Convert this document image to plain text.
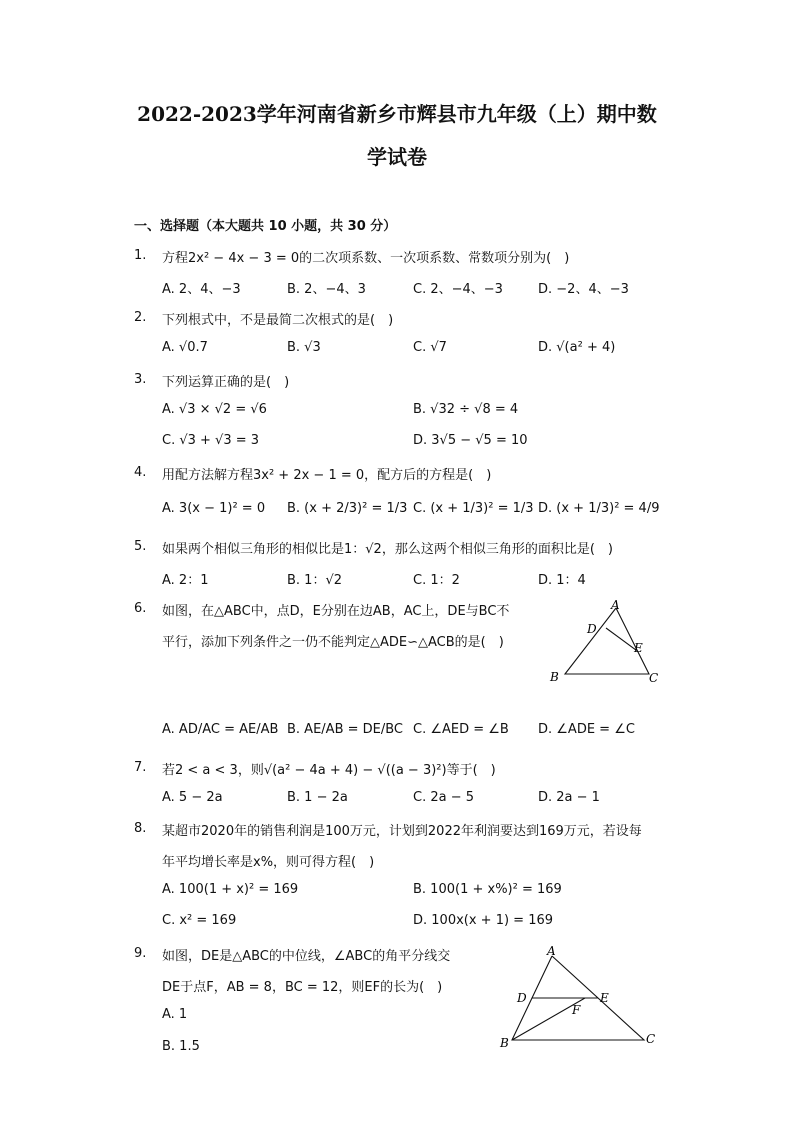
2022-2023学年河南省新乡市辉县市九年级（上）期中数
学试卷
一、选择题（本大题共 10 小题，共 30 分）
1. 方程2x² − 4x − 3 = 0的二次项系数、一次项系数、常数项分别为(　)
A. 2、4、−3	B. 2、−4、3	C. 2、−4、−3	D. −2、4、−3
2. 下列根式中，不是最简二次根式的是(　)
A. √0.7	B. √3	C. √7	D. √(a² + 4)
3. 下列运算正确的是(　)
A. √3 × √2 = √6	B. √32 ÷ √8 = 4
C. √3 + √3 = 3	D. 3√5 − √5 = 10
4. 用配方法解方程3x² + 2x − 1 = 0，配方后的方程是(　)
A. 3(x − 1)² = 0 B. (x + 2/3)² = 1/3 C. (x + 1/3)² = 1/3 D. (x + 1/3)² = 4/9
5. 如果两个相似三角形的相似比是1：√2，那么这两个相似三角形的面积比是(　)
A. 2：1	B. 1：√2	C. 1：2	D. 1：4
6. 如图，在△ABC中，点D，E分别在边AB，AC上，DE与BC不
平行，添加下列条件之一仍不能判定△ADE∽△ACB的是(　)
A
D
E
B	C
A. AD/AC = AE/AB B. AE/AB = DE/BC C. ∠AED = ∠B D. ∠ADE = ∠C
7. 若2 < a < 3，则√(a² − 4a + 4) − √((a − 3)²)等于(　)
A. 5 − 2a	B. 1 − 2a	C. 2a − 5	D. 2a − 1
8. 某超市2020年的销售利润是100万元，计划到2022年利润要达到169万元，若设每
年平均增长率是x%，则可得方程(　)
A. 100(1 + x)² = 169	B. 100(1 + x%)² = 169
C. x² = 169	D. 100x(x + 1) = 169
9. 如图，DE是△ABC的中位线，∠ABC的角平分线交
DE于点F，AB = 8，BC = 12，则EF的长为(　)
A. 1
B. 1.5
A
D	E
F
B	C
